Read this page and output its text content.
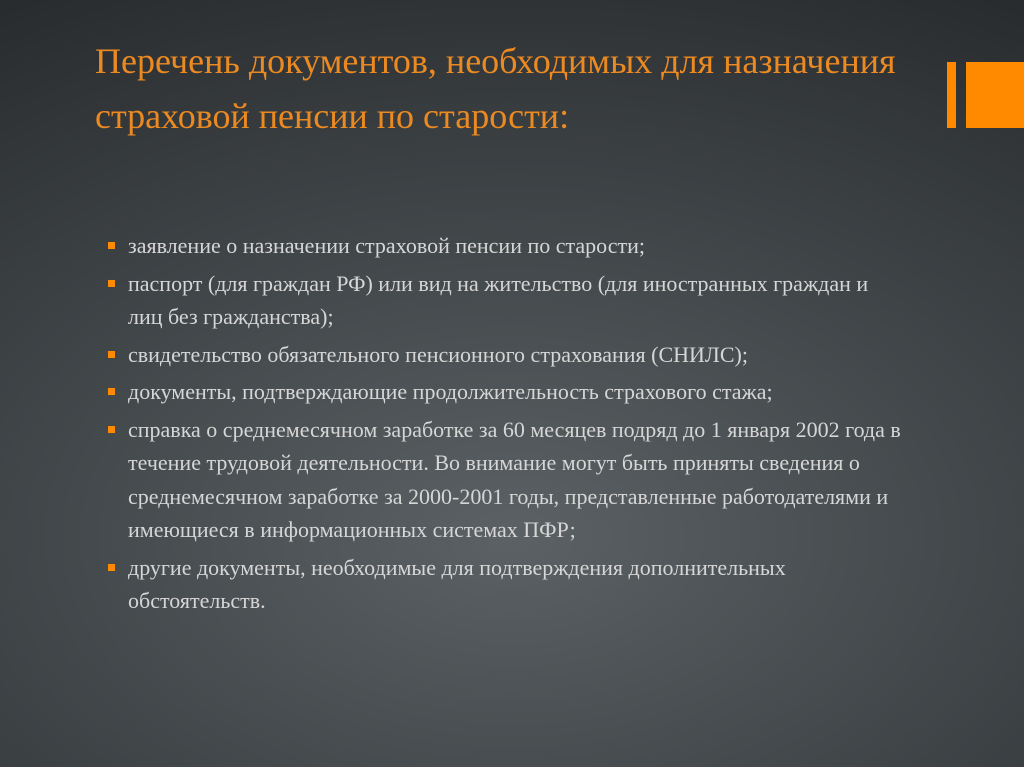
Перечень документов, необходимых для назначения страховой пенсии по старости:
заявление о назначении страховой пенсии по старости;
паспорт (для граждан РФ) или вид на жительство (для иностранных граждан и лиц без гражданства);
свидетельство обязательного пенсионного страхования (СНИЛС);
документы, подтверждающие продолжительность страхового стажа;
справка о среднемесячном заработке за 60 месяцев подряд до 1 января 2002 года в течение трудовой деятельности. Во внимание могут быть приняты сведения о среднемесячном заработке за 2000-2001 годы, представленные работодателями и имеющиеся в информационных системах ПФР;
другие документы, необходимые для подтверждения дополнительных обстоятельств.
